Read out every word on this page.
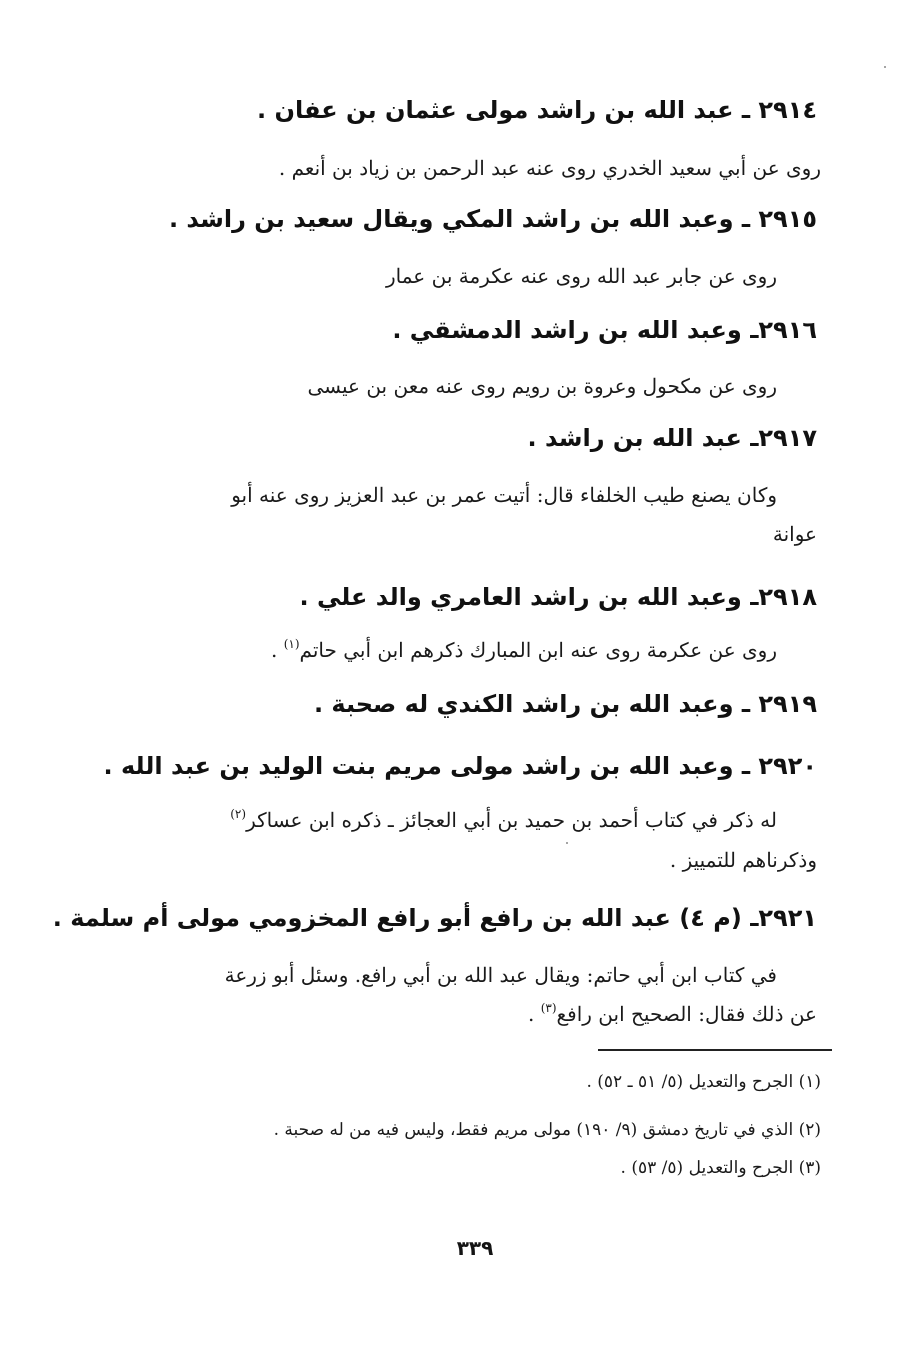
٢٩١٤ ـ عبد الله بن راشد مولى عثمان بن عفان .
روى عن أبي سعيد الخدري روى عنه عبد الرحمن بن زياد بن أنعم .
٢٩١٥ ـ وعبد الله بن راشد المكي ويقال سعيد بن راشد .
روى عن جابر عبد الله روى عنه عكرمة بن عمار
٢٩١٦ـ وعبد الله بن راشد الدمشقي .
روى عن مكحول وعروة بن رويم روى عنه معن بن عيسى
٢٩١٧ـ عبد الله بن راشد .
وكان يصنع طيب الخلفاء قال: أتيت عمر بن عبد العزيز روى عنه أبو
عوانة
٢٩١٨ـ وعبد الله بن راشد العامري والد علي .
روى عن عكرمة روى عنه ابن المبارك ذكرهم ابن أبي حاتم$^{(١)}$ .
٢٩١٩ ـ وعبد الله بن راشد الكندي له صحبة .
٢٩٢٠ ـ وعبد الله بن راشد مولى مريم بنت الوليد بن عبد الله .
له ذكر في كتاب أحمد بن حميد بن أبي العجائز ـ ذكره ابن عساكر$^{(٢)}$
وذكرناهم للتمييز .
٢٩٢١ـ (م ٤) عبد الله بن رافع أبو رافع المخزومي مولى أم سلمة .
في كتاب ابن أبي حاتم: ويقال عبد الله بن أبي رافع. وسئل أبو زرعة
عن ذلك فقال: الصحيح ابن رافع$^{(٣)}$ .
(١) الجرح والتعديل (٥/ ٥١ ـ ٥٢) .
(٢) الذي في تاريخ دمشق (٩/ ١٩٠) مولى مريم فقط، وليس فيه من له صحبة .
(٣) الجرح والتعديل (٥/ ٥٣) .
٣٣٩
